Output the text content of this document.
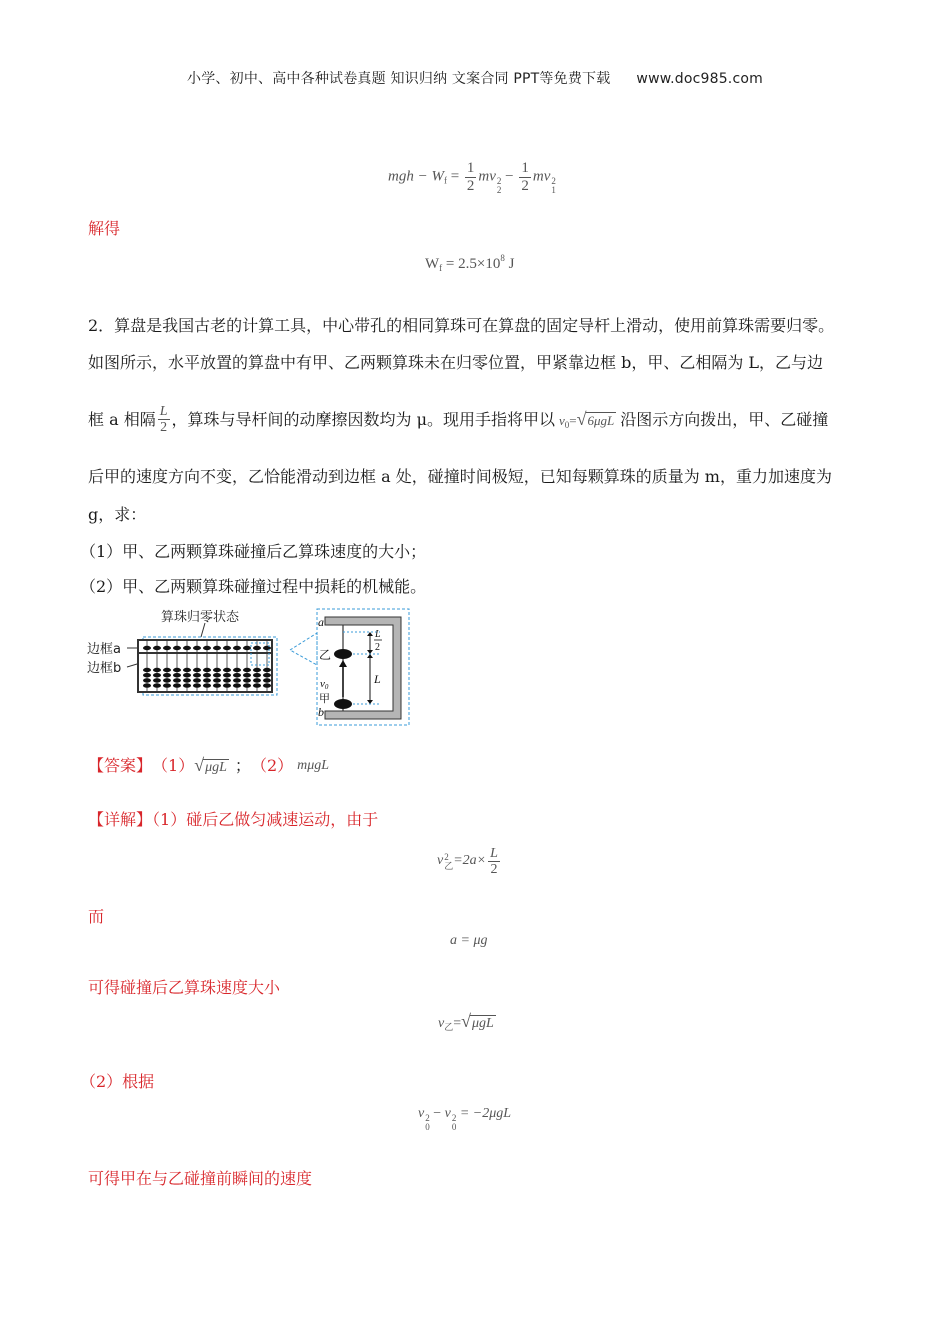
小学、初中、高中各种试卷真题 知识归纳 文案合同 PPT等免费下载 www.doc985.com
mgh − $W_f = \frac{1}{2}$ mv 2
2
− $\frac{1}{2}$ mv 2
1
解得
$W_f = 2.5\times 10^8$ J
2．算盘是我国古老的计算工具，中心带孔的相同算珠可在算盘的固定导杆上滑动，使用前算珠需要归零。
如图所示，水平放置的算盘中有甲、乙两颗算珠未在归零位置，甲紧靠边框 b，甲、乙相隔为 L，乙与边
框 a 相隔 $\frac{L}{2}$ ，算珠与导杆间的动摩擦因数均为 μ。现用手指将甲以 $v_0=√6\mu gL$ 沿图示方向拨出，甲、乙碰撞
后甲的速度方向不变，乙恰能滑动到边框 a 处，碰撞时间极短，已知每颗算珠的质量为 m，重力加速度为
g，求：
（1）甲、乙两颗算珠碰撞后乙算珠速度的大小；
（2）甲、乙两颗算珠碰撞过程中损耗的机械能。
算珠归零状态
边框a
边框b
a
b
乙
甲
v0
L
L
2
【答案】 （1） √μgL ； （2） mμgL
【详解】（1）碰后乙做匀减速运动，由于
v 2
乙 $=2a\times \frac{L}{2}$
而
a = μg
可得碰撞后乙算珠速度大小
$v_乙=√\mu gL$
（2）根据
v 2
0
− v 2
0
= −2μgL
可得甲在与乙碰撞前瞬间的速度
